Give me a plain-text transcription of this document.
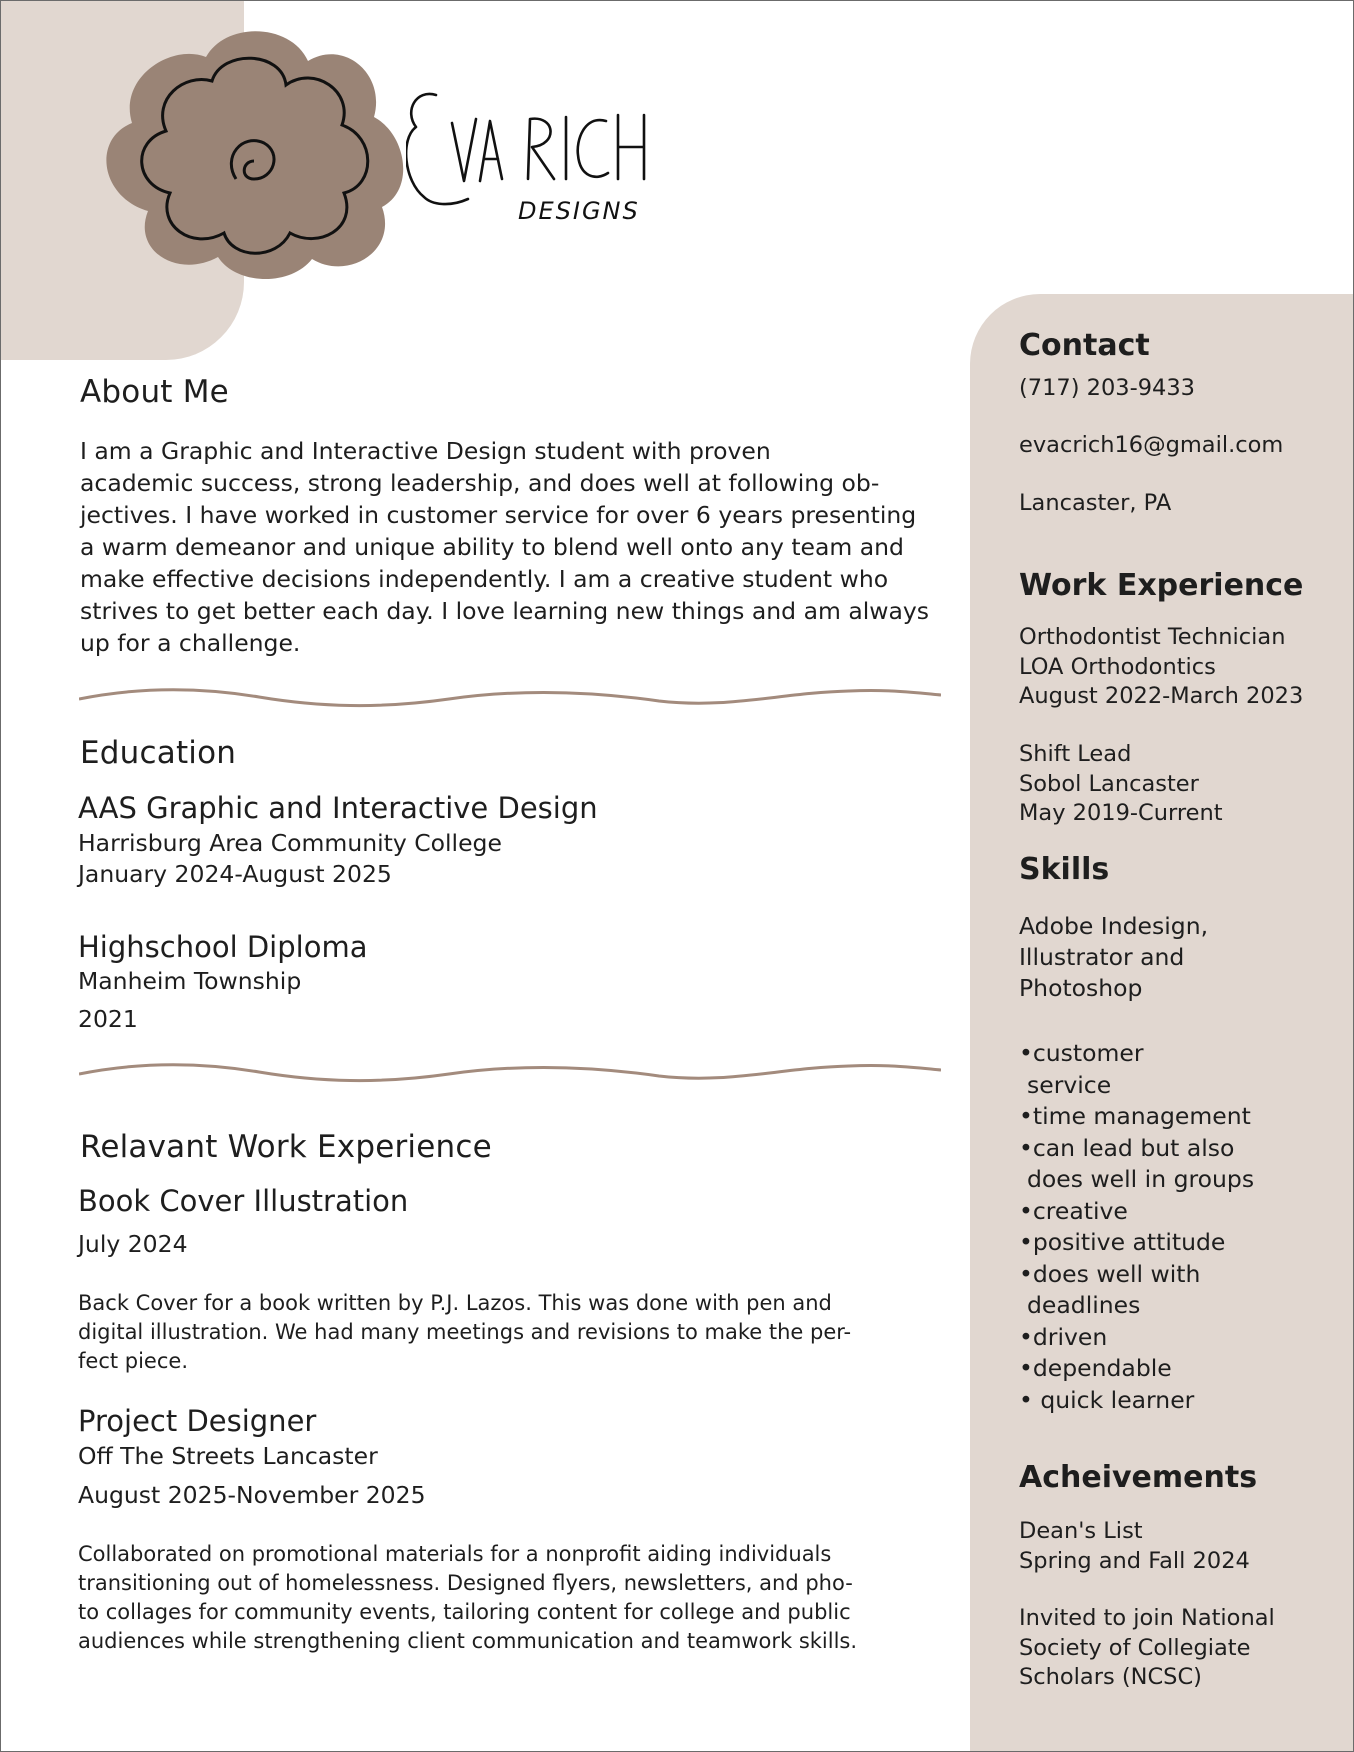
DESIGNS
About Me
I am a Graphic and Interactive Design student with proven
academic success, strong leadership, and does well at following ob-
jectives. I have worked in customer service for over 6 years presenting
a warm demeanor and unique ability to blend well onto any team and
make effective decisions independently. I am a creative student who
strives to get better each day. I love learning new things and am always
up for a challenge.
Education
AAS Graphic and Interactive Design
Harrisburg Area Community College
January 2024-August 2025
Highschool Diploma
Manheim Township
2021
Relavant Work Experience
Book Cover Illustration
July 2024
Back Cover for a book written by P.J. Lazos. This was done with pen and
digital illustration. We had many meetings and revisions to make the per-
fect piece.
Project Designer
Off The Streets Lancaster
August 2025-November 2025
Collaborated on promotional materials for a nonprofit aiding individuals
transitioning out of homelessness. Designed flyers, newsletters, and pho-
to collages for community events, tailoring content for college and public
audiences while strengthening client communication and teamwork skills.
Contact
(717) 203-9433
evacrich16@gmail.com
Lancaster, PA
Work Experience
Orthodontist Technician
LOA Orthodontics
August 2022-March 2023
Shift Lead
Sobol Lancaster
May 2019-Current
Skills
Adobe Indesign,
Illustrator and
Photoshop
•customer
service
•time management
•can lead but also
does well in groups
•creative
•positive attitude
•does well with
deadlines
•driven
•dependable
• quick learner
Acheivements
Dean's List
Spring and Fall 2024
Invited to join National
Society of Collegiate
Scholars (NCSC)
